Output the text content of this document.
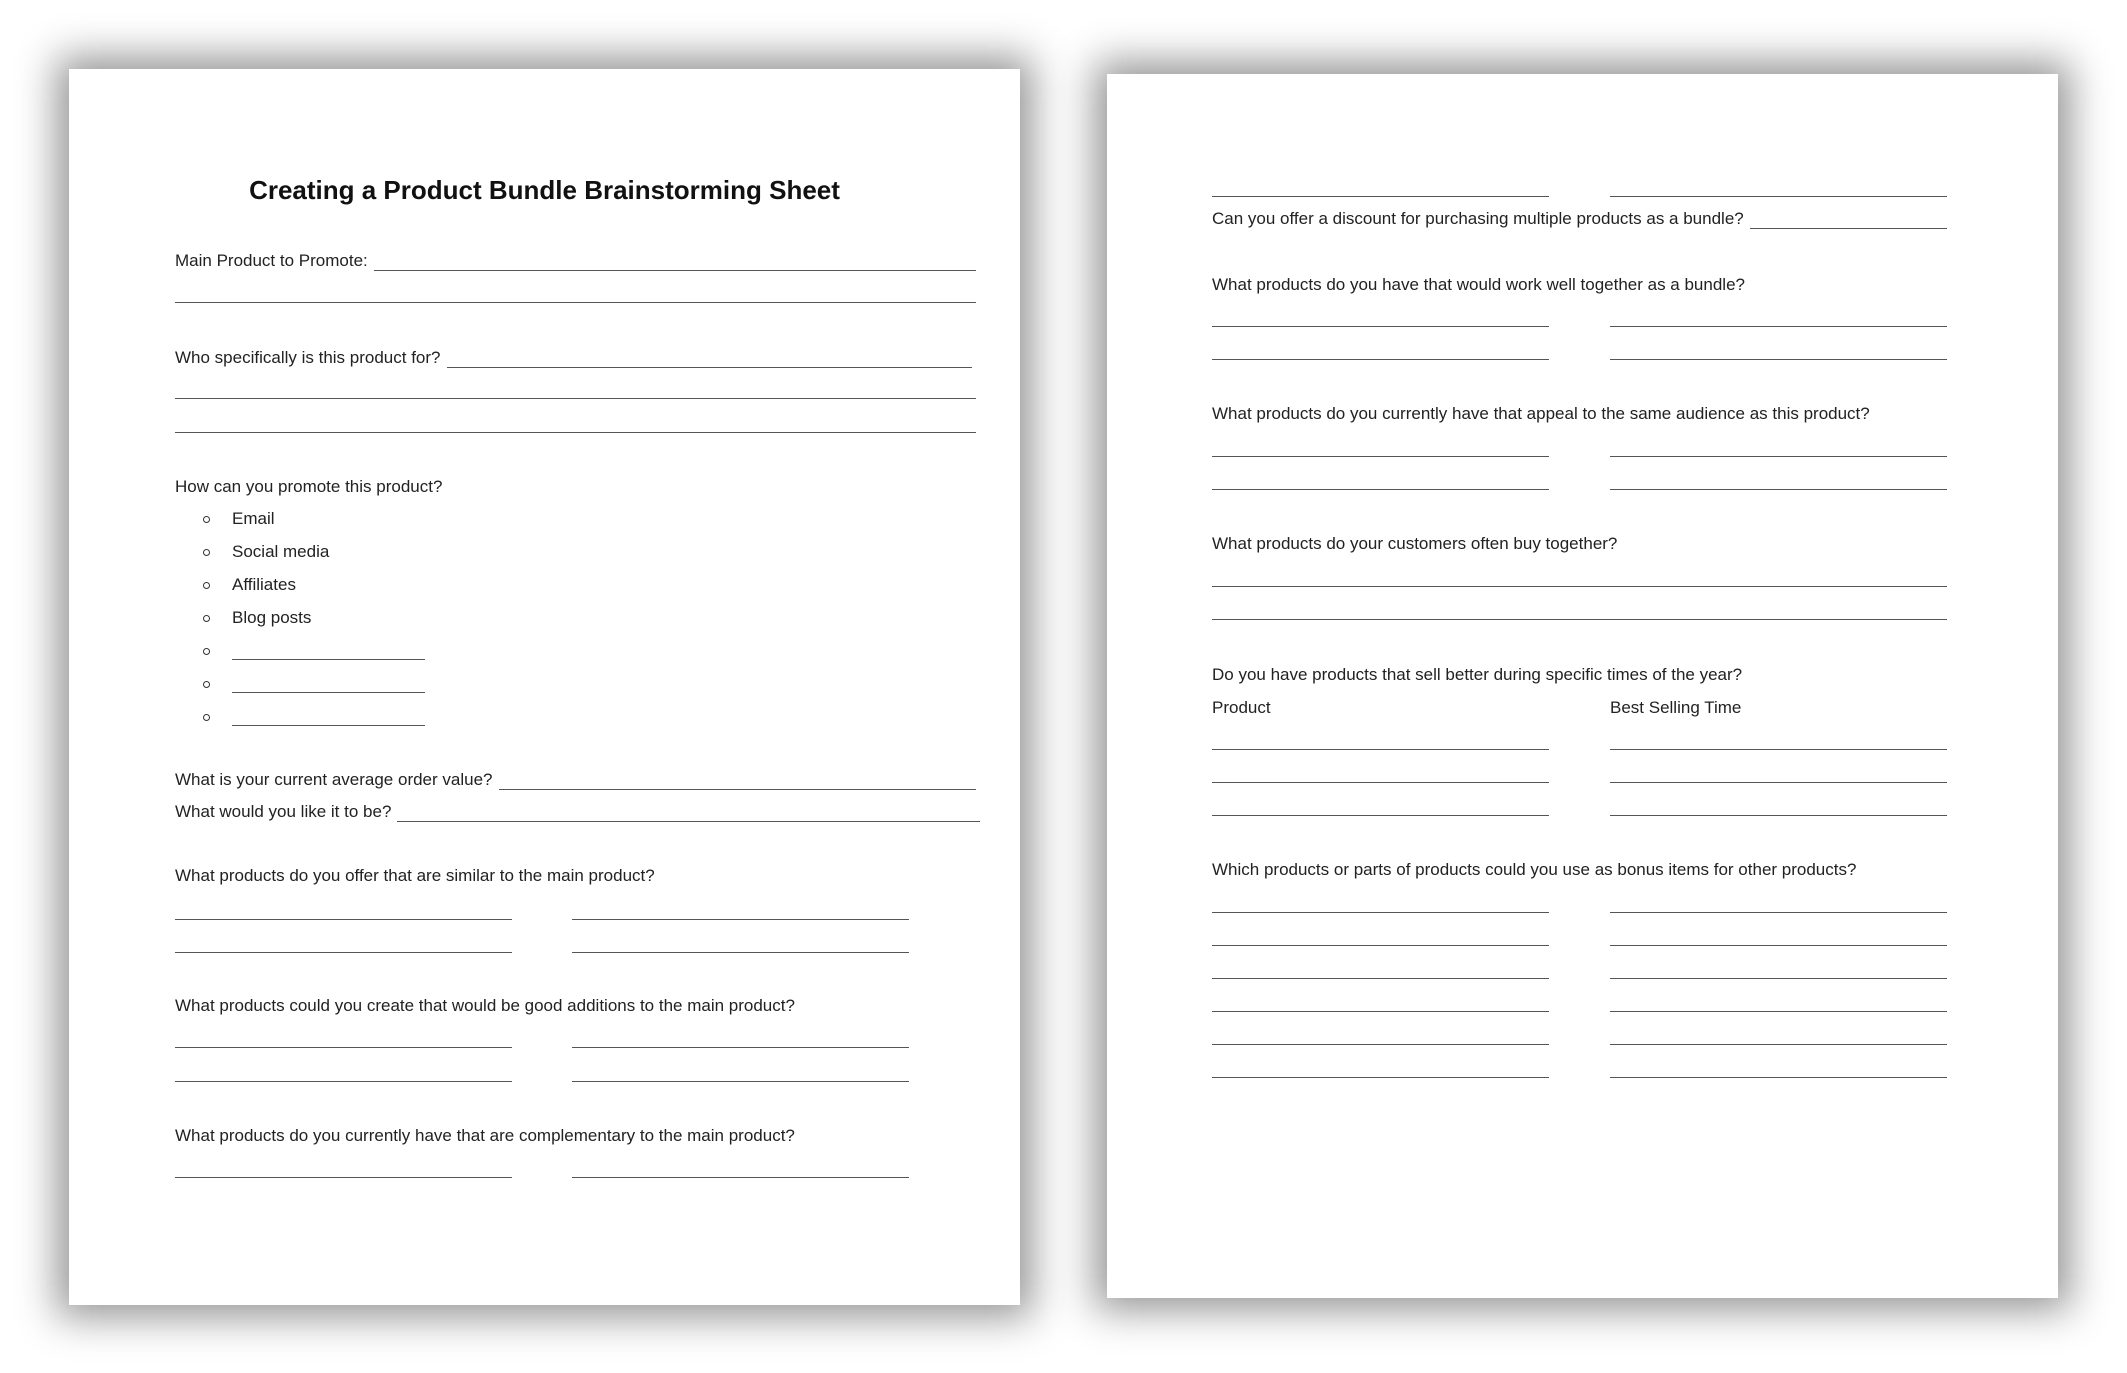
Creating a Product Bundle Brainstorming Sheet
Main Product to Promote:
Who specifically is this product for?
How can you promote this product?
Email
Social media
Affiliates
Blog posts
What is your current average order value?
What would you like it to be?
What products do you offer that are similar to the main product?
What products could you create that would be good additions to the main product?
What products do you currently have that are complementary to the main product?
Can you offer a discount for purchasing multiple products as a bundle?
What products do you have that would work well together as a bundle?
What products do you currently have that appeal to the same audience as this product?
What products do your customers often buy together?
Do you have products that sell better during specific times of the year?
Product	Best Selling Time
Which products or parts of products could you use as bonus items for other products?
